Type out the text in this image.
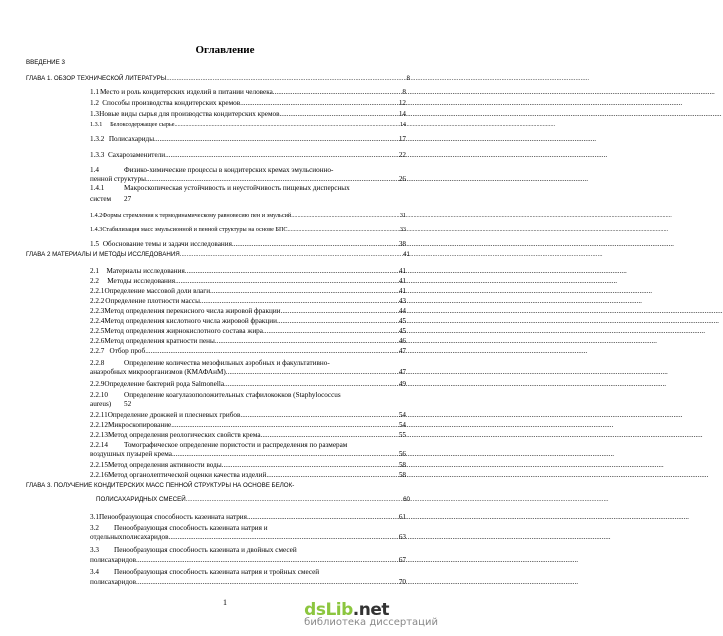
Оглавление
ВВЕДЕНИЕ 3
ГЛАВА 1. ОБЗОР ТЕХНИЧЕСКОЙ ЛИТЕРАТУРЫ .....	8
1.1 Место и роль кондитерских изделий в питании человека .....	8
1.2 Способы производства кондитерских кремов .....	12
1.3 Новые виды сырья для производства кондитерских кремов .....	14
1.3.1	Белоксодержащее сырье .....	14
1.3.2 Полисахариды .....	17
1.3.3 Сахарозаменители .....	22
1.4	Физико-химические процессы в кондитерских кремах эмульсионно-
пенной структуры .....	26
1.4.1	Макроскопическая устойчивость и неустойчивость пищевых дисперсных
систем 27
1.4.2 Формы стремления к термодинамическому равновесию пен и эмульсий .....	31
1.4.3 Стабилизация масс эмульсионной и пенной структуры на основе БПС .....	33
1.5 Обоснование темы и задачи исследования .....	38
ГЛАВА 2 МАТЕРИАЛЫ И МЕТОДЫ ИССЛЕДОВАНИЯ .....	41
2.1	Материалы исследования .....	41
2.2	Методы исследования .....	41
2.2.1 Определение массовой доли влаги .....	41
2.2.2 Определение плотности массы .....	43
2.2.3 Метод определения перекисного числа жировой фракции .....	44
2.2.4 Метод определения кислотного числа жировой фракции .....	45
2.2.5 Метод определения жирнокислотного состава жира .....	45
2.2.6 Метод определения кратности пены .....	46
2.2.7 Отбор проб .....	47
2.2.8	Определение количества мезофильных аэробных и факультативно-
анаэробных микроорганизмов (КМАФАнМ) .....	47
2.2.9 Определение бактерий рода Salmonella .....	49
2.2.10 Определение коагулазоположительных стафилококков (Staphylococcus
aureus) 52
2.2.11 Определение дрожжей и плесневых грибов .....	54
2.2.12 Микроскопирование .....	54
2.2.13 Метод определения реологических свойств крема .....	55
2.2.14 Томографическое определение пористости и распределения по размерам
воздушных пузырей крема .....	56
2.2.15 Метод определения активности воды .....	58
2.2.16 Метод органолептической оценки качества изделий .....	58
ГЛАВА 3. ПОЛУЧЕНИЕ КОНДИТЕРСКИХ МАСС ПЕННОЙ СТРУКТУРЫ НА ОСНОВЕ БЕЛОК-
ПОЛИСАХАРИДНЫХ СМЕСЕЙ .....	60
3.1 Пенообразующая способность казеината натрия .....	61
3.2 Пенообразующая способность казеината натрия и
отдельныхполисахаридов .....	63
3.3 Пенообразующая способность казеината и двойных смесей
полисахаридов .....	67
3.4 Пенообразующая способность казеината натрия и тройных смесей
полисахаридов .....	70
1	dsLib.net
библиотека диссертаций
